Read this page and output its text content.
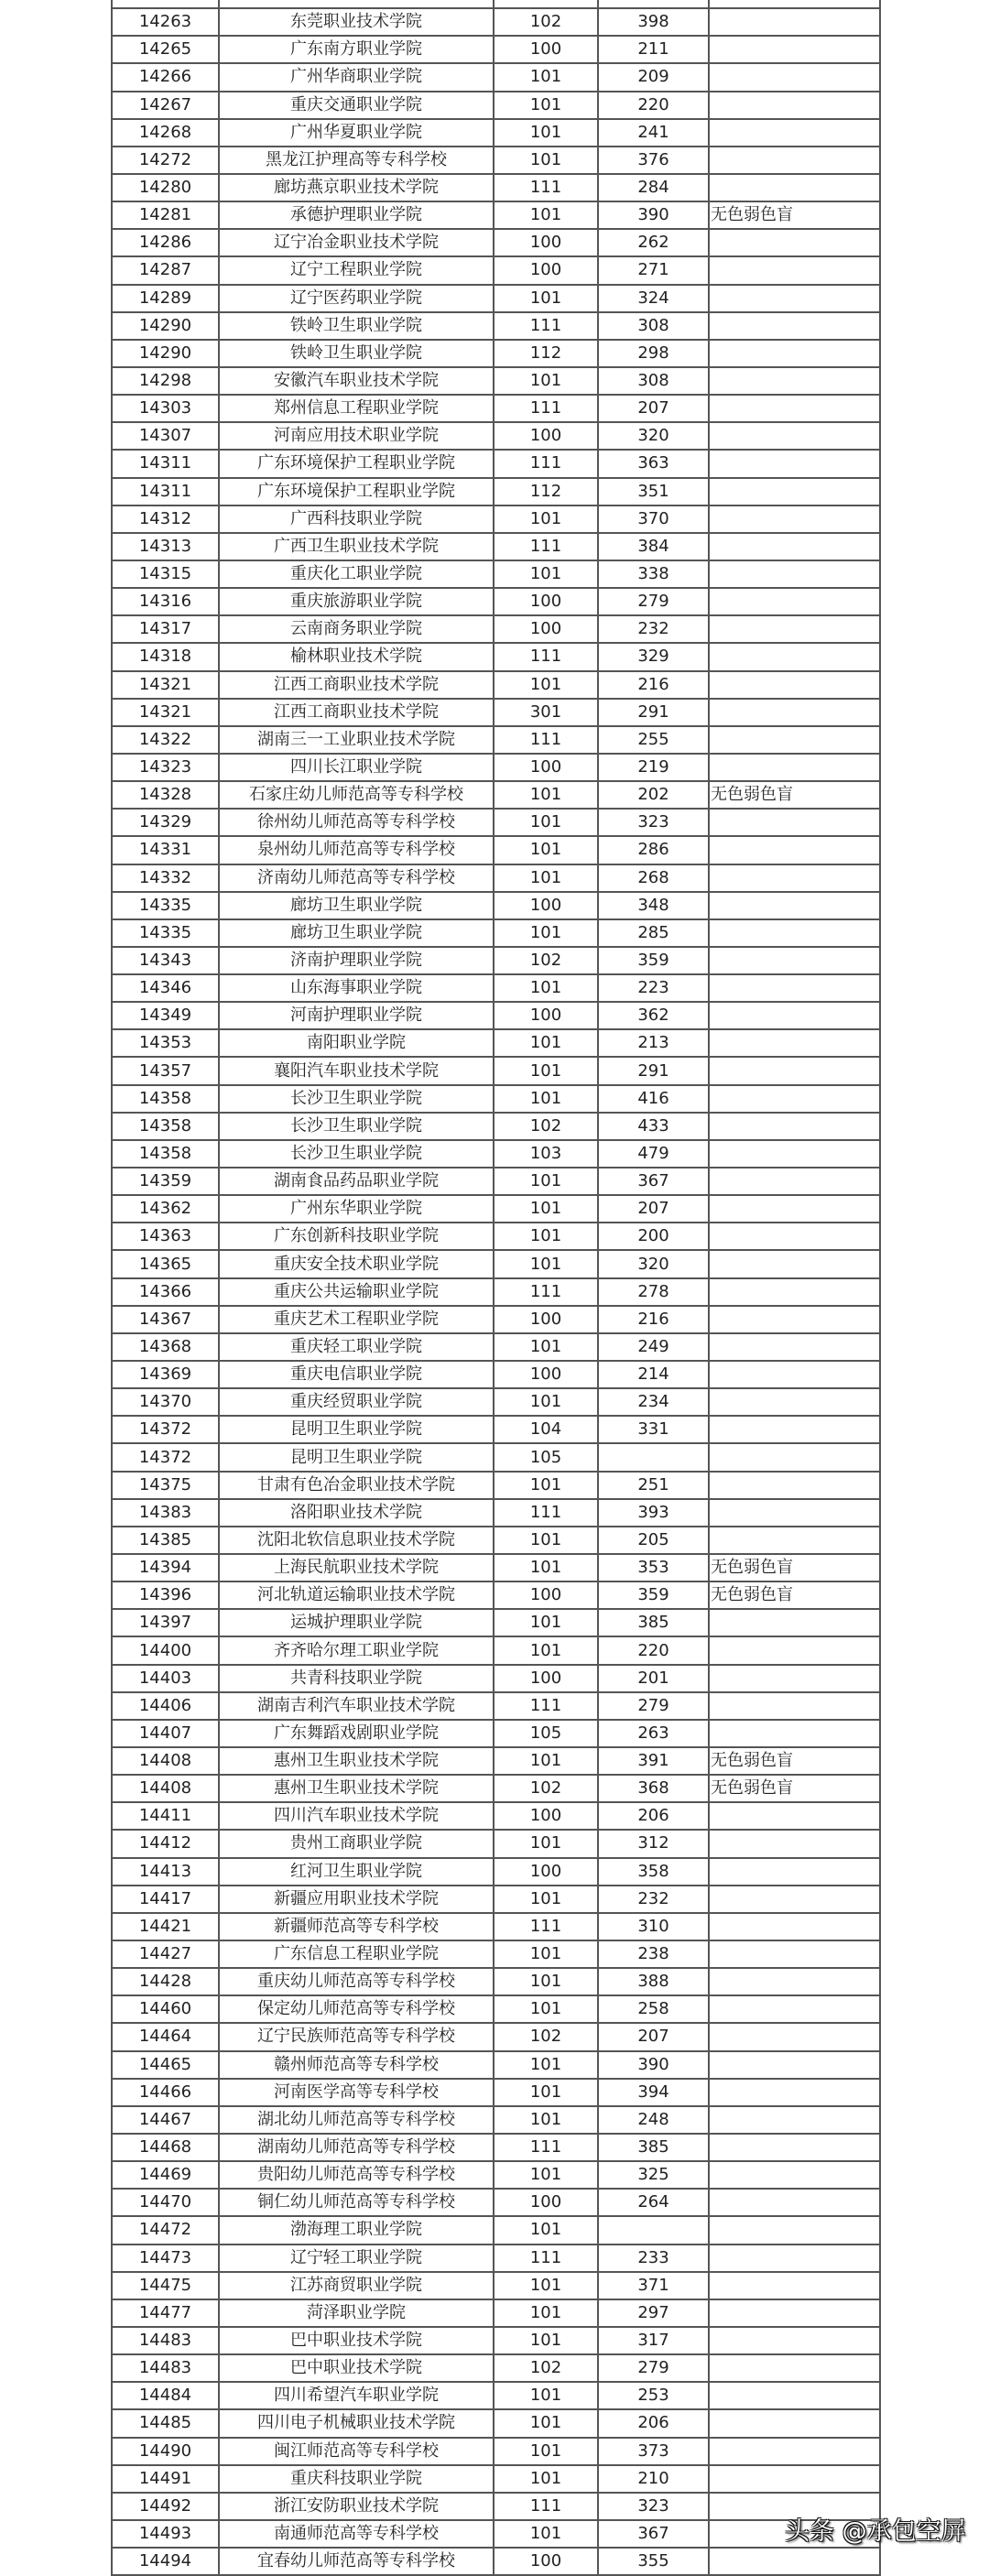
14263	东莞职业技术学院	102	398	
14265	广东南方职业学院	100	211	
14266	广州华商职业学院	101	209	
14267	重庆交通职业学院	101	220	
14268	广州华夏职业学院	101	241	
14272	黑龙江护理高等专科学校	101	376	
14280	廊坊燕京职业技术学院	111	284	
14281	承德护理职业学院	101	390	无色弱色盲
14286	辽宁冶金职业技术学院	100	262	
14287	辽宁工程职业学院	100	271	
14289	辽宁医药职业学院	101	324	
14290	铁岭卫生职业学院	111	308	
14290	铁岭卫生职业学院	112	298	
14298	安徽汽车职业技术学院	101	308	
14303	郑州信息工程职业学院	111	207	
14307	河南应用技术职业学院	100	320	
14311	广东环境保护工程职业学院	111	363	
14311	广东环境保护工程职业学院	112	351	
14312	广西科技职业学院	101	370	
14313	广西卫生职业技术学院	111	384	
14315	重庆化工职业学院	101	338	
14316	重庆旅游职业学院	100	279	
14317	云南商务职业学院	100	232	
14318	榆林职业技术学院	111	329	
14321	江西工商职业技术学院	101	216	
14321	江西工商职业技术学院	301	291	
14322	湖南三一工业职业技术学院	111	255	
14323	四川长江职业学院	100	219	
14328	石家庄幼儿师范高等专科学校	101	202	无色弱色盲
14329	徐州幼儿师范高等专科学校	101	323	
14331	泉州幼儿师范高等专科学校	101	286	
14332	济南幼儿师范高等专科学校	101	268	
14335	廊坊卫生职业学院	100	348	
14335	廊坊卫生职业学院	101	285	
14343	济南护理职业学院	102	359	
14346	山东海事职业学院	101	223	
14349	河南护理职业学院	100	362	
14353	南阳职业学院	101	213	
14357	襄阳汽车职业技术学院	101	291	
14358	长沙卫生职业学院	101	416	
14358	长沙卫生职业学院	102	433	
14358	长沙卫生职业学院	103	479	
14359	湖南食品药品职业学院	101	367	
14362	广州东华职业学院	101	207	
14363	广东创新科技职业学院	101	200	
14365	重庆安全技术职业学院	101	320	
14366	重庆公共运输职业学院	111	278	
14367	重庆艺术工程职业学院	100	216	
14368	重庆轻工职业学院	101	249	
14369	重庆电信职业学院	100	214	
14370	重庆经贸职业学院	101	234	
14372	昆明卫生职业学院	104	331	
14372	昆明卫生职业学院	105		
14375	甘肃有色冶金职业技术学院	101	251	
14383	洛阳职业技术学院	111	393	
14385	沈阳北软信息职业技术学院	101	205	
14394	上海民航职业技术学院	101	353	无色弱色盲
14396	河北轨道运输职业技术学院	100	359	无色弱色盲
14397	运城护理职业学院	101	385	
14400	齐齐哈尔理工职业学院	101	220	
14403	共青科技职业学院	100	201	
14406	湖南吉利汽车职业技术学院	111	279	
14407	广东舞蹈戏剧职业学院	105	263	
14408	惠州卫生职业技术学院	101	391	无色弱色盲
14408	惠州卫生职业技术学院	102	368	无色弱色盲
14411	四川汽车职业技术学院	100	206	
14412	贵州工商职业学院	101	312	
14413	红河卫生职业学院	100	358	
14417	新疆应用职业技术学院	101	232	
14421	新疆师范高等专科学校	111	310	
14427	广东信息工程职业学院	101	238	
14428	重庆幼儿师范高等专科学校	101	388	
14460	保定幼儿师范高等专科学校	101	258	
14464	辽宁民族师范高等专科学校	102	207	
14465	赣州师范高等专科学校	101	390	
14466	河南医学高等专科学校	101	394	
14467	湖北幼儿师范高等专科学校	101	248	
14468	湖南幼儿师范高等专科学校	111	385	
14469	贵阳幼儿师范高等专科学校	101	325	
14470	铜仁幼儿师范高等专科学校	100	264	
14472	渤海理工职业学院	101		
14473	辽宁轻工职业学院	111	233	
14475	江苏商贸职业学院	101	371	
14477	菏泽职业学院	101	297	
14483	巴中职业技术学院	101	317	
14483	巴中职业技术学院	102	279	
14484	四川希望汽车职业学院	101	253	
14485	四川电子机械职业技术学院	101	206	
14490	闽江师范高等专科学校	101	373	
14491	重庆科技职业学院	101	210	
14492	浙江安防职业技术学院	111	323	
14493	南通师范高等专科学校	101	367	
14494	宜春幼儿师范高等专科学校	100	355	
头条 @承包空屏
